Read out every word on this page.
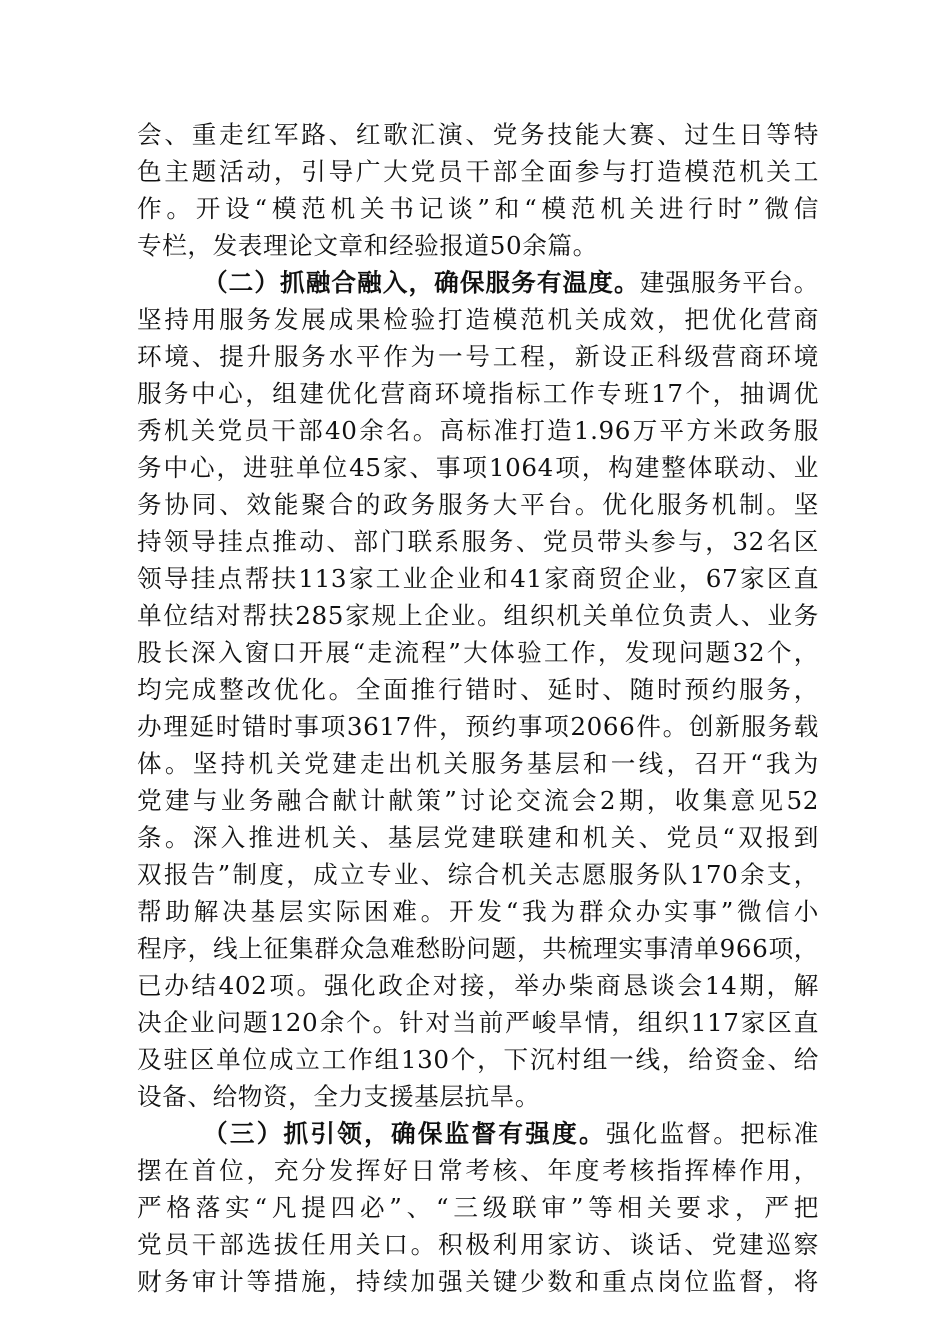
会、重走红军路、红歌汇演、党务技能大赛、过生日等特
色主题活动，引导广大党员干部全面参与打造模范机关工
作。开设“模范机关书记谈”和“模范机关进行时”微信
专栏，发表理论文章和经验报道50余篇。
（二）抓融合融入，确保服务有温度。建强服务平台。
坚持用服务发展成果检验打造模范机关成效，把优化营商
环境、提升服务水平作为一号工程，新设正科级营商环境
服务中心，组建优化营商环境指标工作专班17个，抽调优
秀机关党员干部40余名。高标准打造1.96万平方米政务服
务中心，进驻单位45家、事项1064项，构建整体联动、业
务协同、效能聚合的政务服务大平台。优化服务机制。坚
持领导挂点推动、部门联系服务、党员带头参与，32名区
领导挂点帮扶113家工业企业和41家商贸企业，67家区直
单位结对帮扶285家规上企业。组织机关单位负责人、业务
股长深入窗口开展“走流程”大体验工作，发现问题32个，
均完成整改优化。全面推行错时、延时、随时预约服务，
办理延时错时事项3617件，预约事项2066件。创新服务载
体。坚持机关党建走出机关服务基层和一线，召开“我为
党建与业务融合献计献策”讨论交流会2期，收集意见52
条。深入推进机关、基层党建联建和机关、党员“双报到
双报告”制度，成立专业、综合机关志愿服务队170余支，
帮助解决基层实际困难。开发“我为群众办实事”微信小
程序，线上征集群众急难愁盼问题，共梳理实事清单966项，
已办结402项。强化政企对接，举办柴商恳谈会14期，解
决企业问题120余个。针对当前严峻旱情，组织117家区直
及驻区单位成立工作组130个，下沉村组一线，给资金、给
设备、给物资，全力支援基层抗旱。
（三）抓引领，确保监督有强度。强化监督。把标准
摆在首位，充分发挥好日常考核、年度考核指挥棒作用，
严格落实“凡提四必”、“三级联审”等相关要求，严把
党员干部选拔任用关口。积极利用家访、谈话、党建巡察
财务审计等措施，持续加强关键少数和重点岗位监督，将
